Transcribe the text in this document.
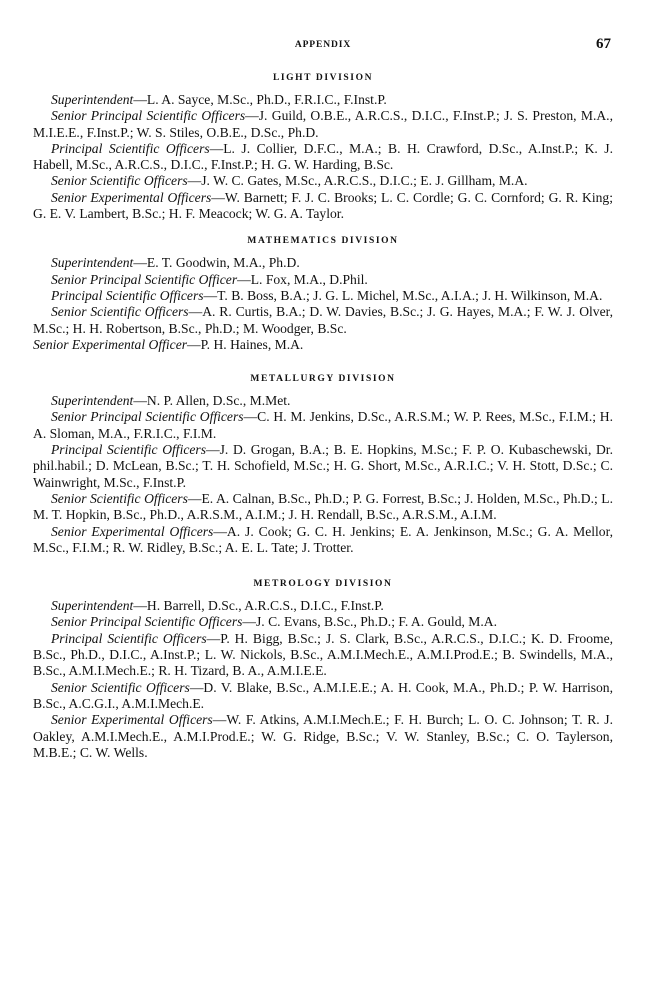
APPENDIX	67
LIGHT DIVISION

Superintendent—L. A. Sayce, M.Sc., Ph.D., F.R.I.C., F.Inst.P.

Senior Principal Scientific Officers—J. Guild, O.B.E., A.R.C.S., D.I.C., F.Inst.P.; J. S. Preston, M.A., M.I.E.E., F.Inst.P.; W. S. Stiles, O.B.E., D.Sc., Ph.D.

Principal Scientific Officers—L. J. Collier, D.F.C., M.A.; B. H. Crawford, D.Sc., A.Inst.P.; K. J. Habell, M.Sc., A.R.C.S., D.I.C., F.Inst.P.; H. G. W. Harding, B.Sc.

Senior Scientific Officers—J. W. C. Gates, M.Sc., A.R.C.S., D.I.C.; E. J. Gillham, M.A.

Senior Experimental Officers—W. Barnett; F. J. C. Brooks; L. C. Cordle; G. C. Cornford; G. R. King; G. E. V. Lambert, B.Sc.; H. F. Meacock; W. G. A. Taylor.

MATHEMATICS DIVISION

Superintendent—E. T. Goodwin, M.A., Ph.D.

Senior Principal Scientific Officer—L. Fox, M.A., D.Phil.

Principal Scientific Officers—T. B. Boss, B.A.; J. G. L. Michel, M.Sc., A.I.A.; J. H. Wilkinson, M.A.

Senior Scientific Officers—A. R. Curtis, B.A.; D. W. Davies, B.Sc.; J. G. Hayes, M.A.; F. W. J. Olver, M.Sc.; H. H. Robertson, B.Sc., Ph.D.; M. Woodger, B.Sc.

Senior Experimental Officer—P. H. Haines, M.A.

METALLURGY DIVISION

Superintendent—N. P. Allen, D.Sc., M.Met.

Senior Principal Scientific Officers—C. H. M. Jenkins, D.Sc., A.R.S.M.; W. P. Rees, M.Sc., F.I.M.; H. A. Sloman, M.A., F.R.I.C., F.I.M.

Principal Scientific Officers—J. D. Grogan, B.A.; B. E. Hopkins, M.Sc.; F. P. O. Kubaschewski, Dr. phil.habil.; D. McLean, B.Sc.; T. H. Schofield, M.Sc.; H. G. Short, M.Sc., A.R.I.C.; V. H. Stott, D.Sc.; C. Wainwright, M.Sc., F.Inst.P.

Senior Scientific Officers—E. A. Calnan, B.Sc., Ph.D.; P. G. Forrest, B.Sc.; J. Holden, M.Sc., Ph.D.; L. M. T. Hopkin, B.Sc., Ph.D., A.R.S.M., A.I.M.; J. H. Rendall, B.Sc., A.R.S.M., A.I.M.

Senior Experimental Officers—A. J. Cook; G. C. H. Jenkins; E. A. Jenkinson, M.Sc.; G. A. Mellor, M.Sc., F.I.M.; R. W. Ridley, B.Sc.; A. E. L. Tate; J. Trotter.

METROLOGY DIVISION

Superintendent—H. Barrell, D.Sc., A.R.C.S., D.I.C., F.Inst.P.

Senior Principal Scientific Officers—J. C. Evans, B.Sc., Ph.D.; F. A. Gould, M.A.

Principal Scientific Officers—P. H. Bigg, B.Sc.; J. S. Clark, B.Sc., A.R.C.S., D.I.C.; K. D. Froome, B.Sc., Ph.D., D.I.C., A.Inst.P.; L. W. Nickols, B.Sc., A.M.I.Mech.E., A.M.I.Prod.E.; B. Swindells, M.A., B.Sc., A.M.I.Mech.E.; R. H. Tizard, B. A., A.M.I.E.E.

Senior Scientific Officers—D. V. Blake, B.Sc., A.M.I.E.E.; A. H. Cook, M.A., Ph.D.; P. W. Harrison, B.Sc., A.C.G.I., A.M.I.Mech.E.

Senior Experimental Officers—W. F. Atkins, A.M.I.Mech.E.; F. H. Burch; L. O. C. Johnson; T. R. J. Oakley, A.M.I.Mech.E., A.M.I.Prod.E.; W. G. Ridge, B.Sc.; V. W. Stanley, B.Sc.; C. O. Taylerson, M.B.E.; C. W. Wells.
